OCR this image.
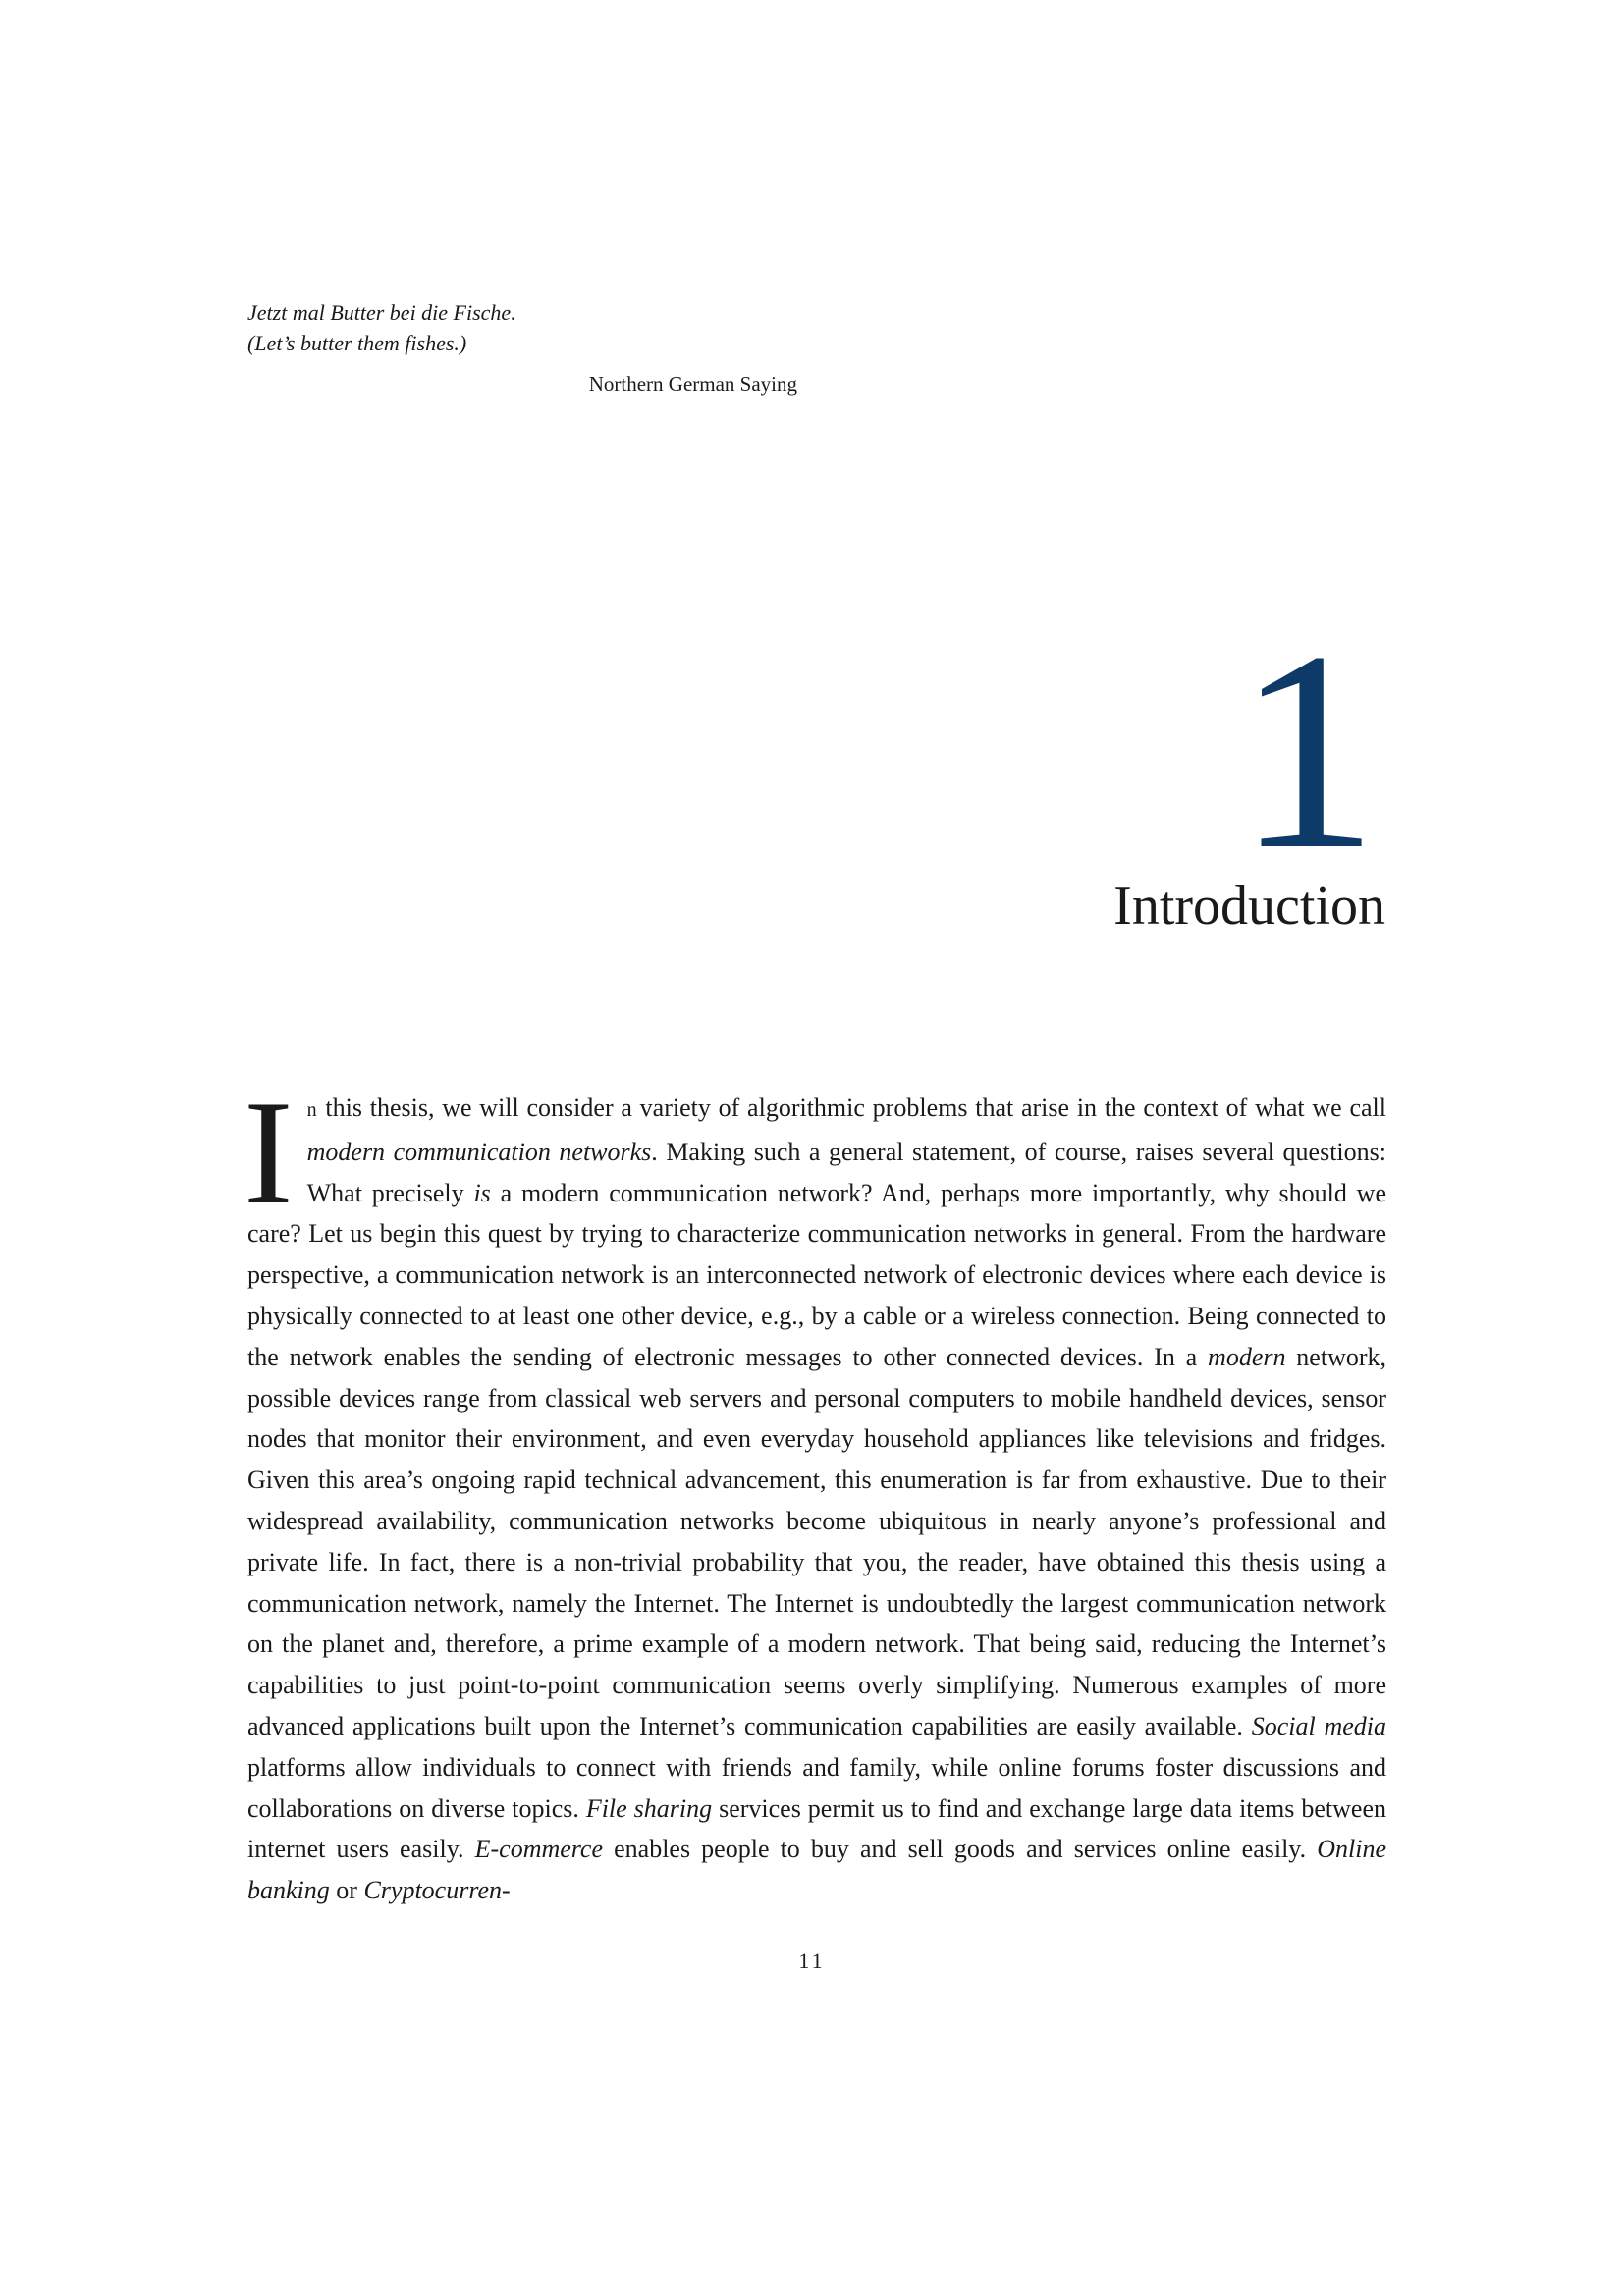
Jetzt mal Butter bei die Fische.

(Let’s butter them fishes.)

Northern German Saying
1
Introduction

In this thesis, we will consider a variety of algorithmic problems that arise in the context of what we call modern communication networks. Making such a general statement, of course, raises several questions: What precisely is a modern communication network? And, perhaps more importantly, why should we care? Let us begin this quest by trying to characterize communication networks in general. From the hardware perspective, a communication network is an interconnected network of electronic devices where each device is physically connected to at least one other device, e.g., by a cable or a wireless connection. Being connected to the network enables the sending of electronic messages to other connected devices. In a modern network, possible devices range from classical web servers and personal computers to mobile handheld devices, sensor nodes that monitor their environment, and even everyday household appliances like televisions and fridges. Given this area’s ongoing rapid technical advancement, this enumeration is far from exhaustive. Due to their widespread availability, communication networks become ubiquitous in nearly anyone’s professional and private life. In fact, there is a non-trivial probability that you, the reader, have obtained this thesis using a communication network, namely the Internet. The Internet is undoubtedly the largest communication network on the planet and, therefore, a prime example of a modern network. That being said, reducing the Internet’s capabilities to just point-to-point communication seems overly simplifying. Numerous examples of more advanced applications built upon the Internet’s communication capabilities are easily available. Social media platforms allow individuals to connect with friends and family, while online forums foster discussions and collaborations on diverse topics. File sharing services permit us to find and exchange large data items between internet users easily. E-commerce enables people to buy and sell goods and services online easily. Online banking or Cryptocurren-

11
